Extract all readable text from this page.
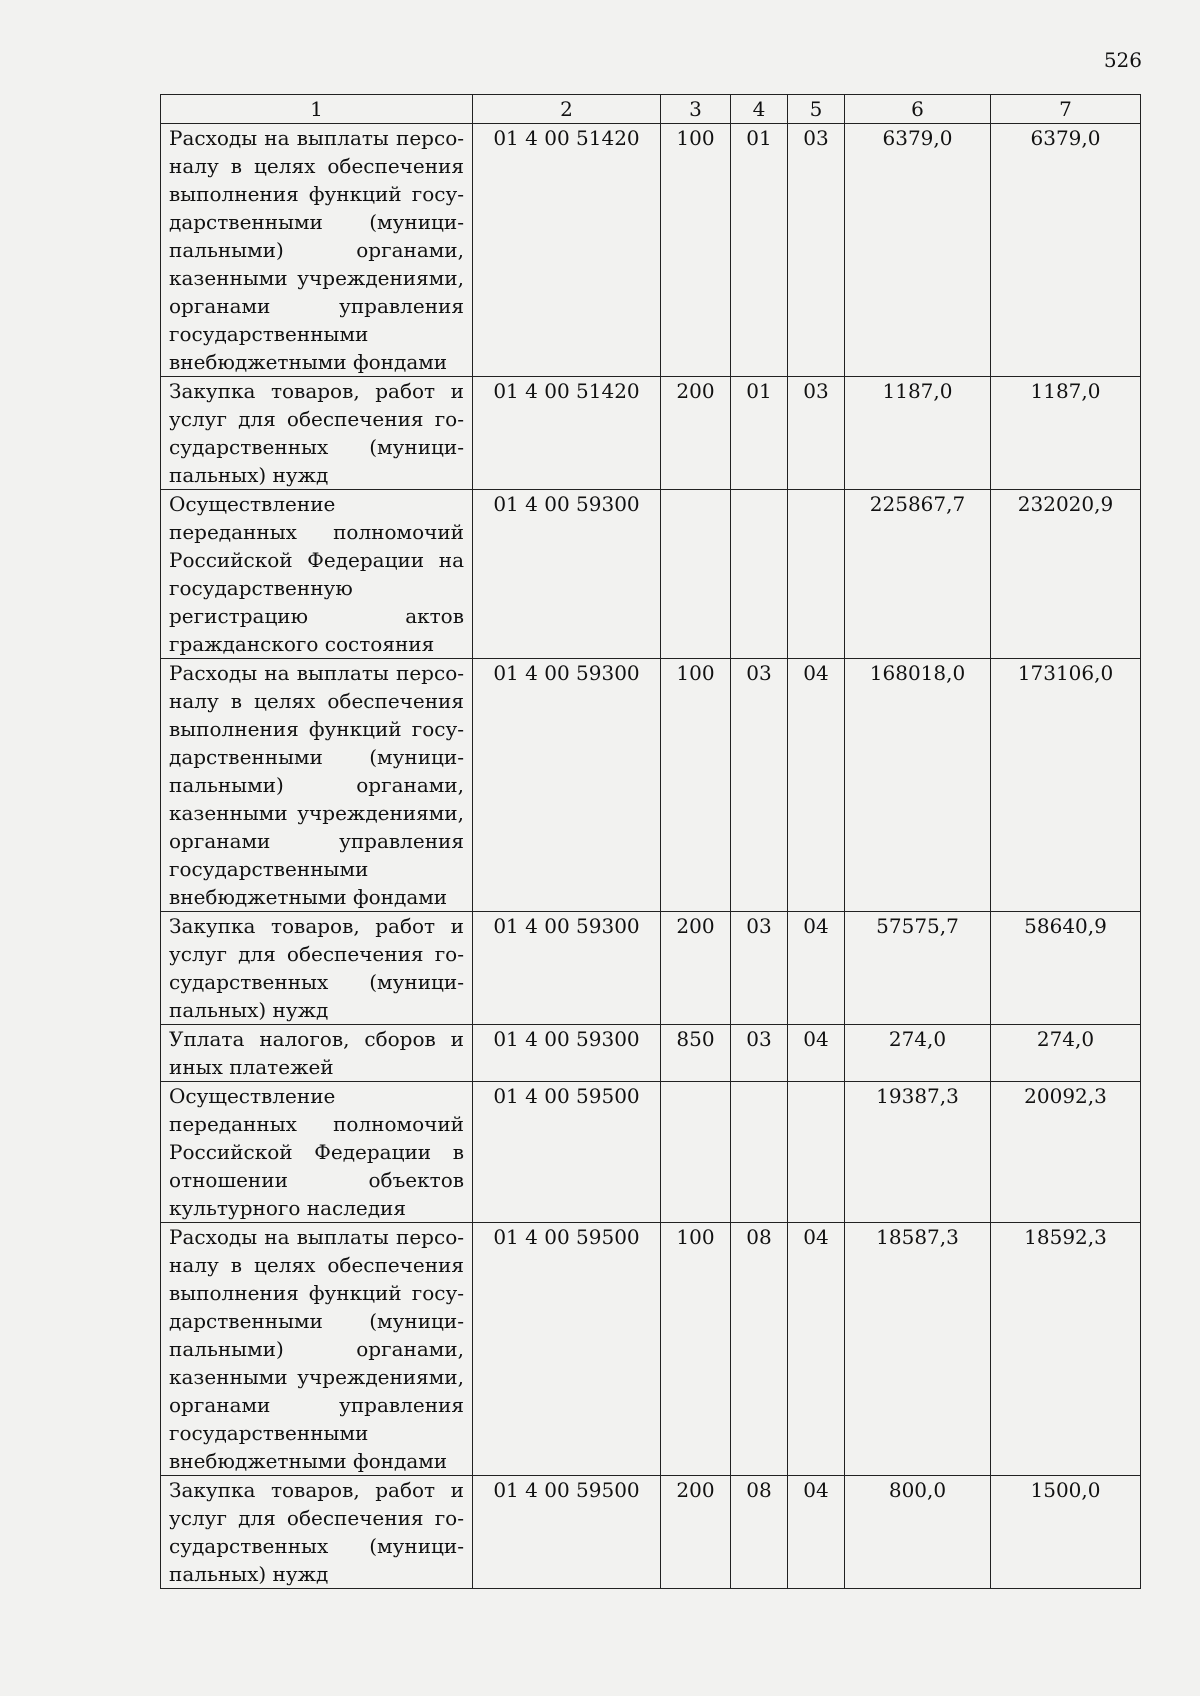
526
1	2	3	4	5	6	7
Расходы на выплаты персоналу в целях обеспечения выполнения функций государственными (муниципальными) органами, казенными учреждениями, органами управления государственными внебюджетными фондами	01 4 00 51420	100	01	03	6379,0	6379,0
Закупка товаров, работ и услуг для обеспечения государственных (муниципальных) нужд	01 4 00 51420	200	01	03	1187,0	1187,0
Осуществление переданных полномочий Российской Федерации на государственную регистрацию актов гражданского состояния	01 4 00 59300				225867,7	232020,9
Расходы на выплаты персоналу в целях обеспечения выполнения функций государственными (муниципальными) органами, казенными учреждениями, органами управления государственными внебюджетными фондами	01 4 00 59300	100	03	04	168018,0	173106,0
Закупка товаров, работ и услуг для обеспечения государственных (муниципальных) нужд	01 4 00 59300	200	03	04	57575,7	58640,9
Уплата налогов, сборов и иных платежей	01 4 00 59300	850	03	04	274,0	274,0
Осуществление переданных полномочий Российской Федерации в отношении объектов культурного наследия	01 4 00 59500				19387,3	20092,3
Расходы на выплаты персоналу в целях обеспечения выполнения функций государственными (муниципальными) органами, казенными учреждениями, органами управления государственными внебюджетными фондами	01 4 00 59500	100	08	04	18587,3	18592,3
Закупка товаров, работ и услуг для обеспечения государственных (муниципальных) нужд	01 4 00 59500	200	08	04	800,0	1500,0
